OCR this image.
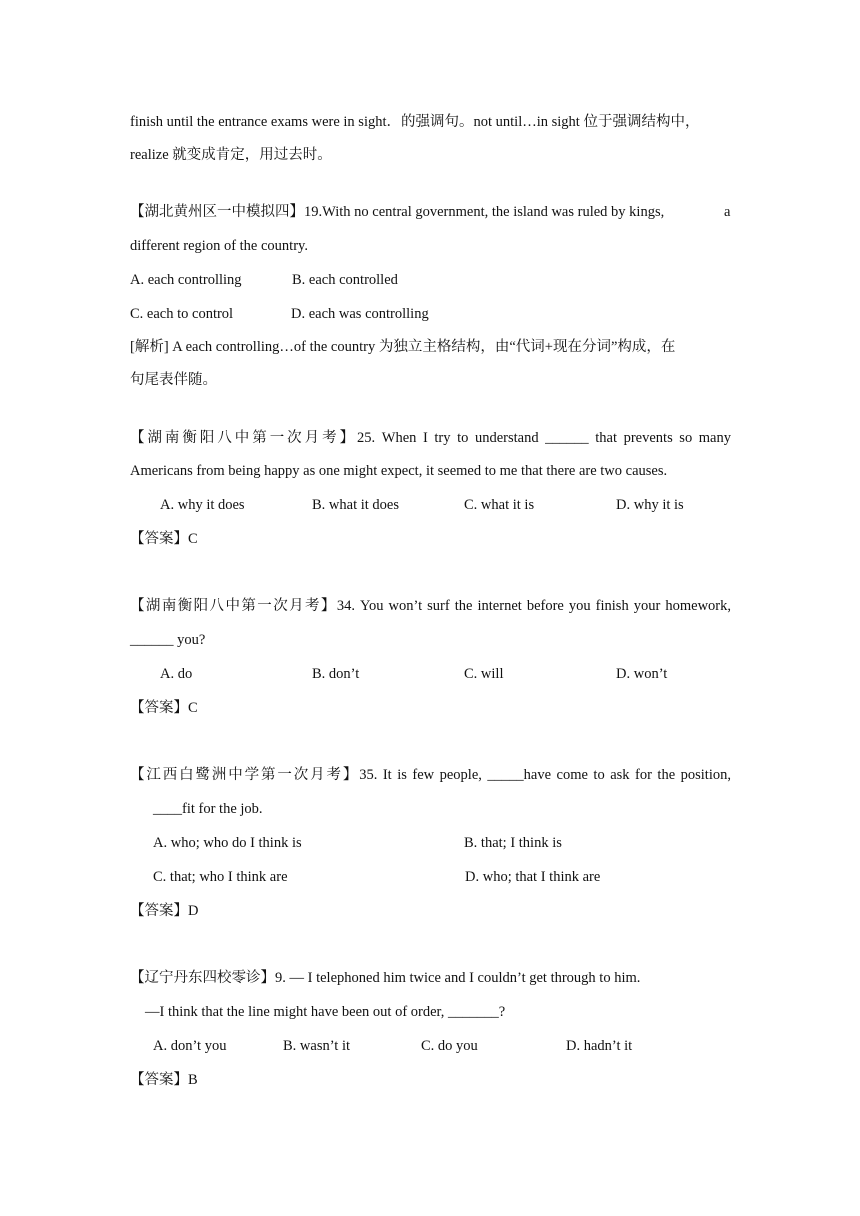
finish until the entrance exams were in sight．的强调句。not until…in sight 位于强调结构中，
realize 就变成肯定，用过去时。
【湖北黄州区一中模拟四】19.With no central government, the island was ruled by kings,	a
different region of the country.
A. each controlling	B. each controlled
C. each to control	D. each was controlling
[解析] A each controlling…of the country 为独立主格结构，由“代词+现在分词”构成，在
句尾表伴随。
【湖南衡阳八中第一次月考】25. When I try to understand ______ that prevents so many
Americans from being happy as one might expect, it seemed to me that there are two causes.
A. why it does	B. what it does	C. what it is	D. why it is
【答案】C
【湖南衡阳八中第一次月考】34. You won’t surf the internet before you finish your homework,
______ you?
A. do	B. don’t	C. will	D. won’t
【答案】C
【江西白鹭洲中学第一次月考】35. It is few people, _____have come to ask for the position,
____fit for the job.
A. who; who do I think is	B. that; I think is
C. that; who I think are	D. who; that I think are
【答案】D
【辽宁丹东四校零诊】9. — I telephoned him twice and I couldn’t get through to him.
—I think that the line might have been out of order, _______?
A. don’t you	B. wasn’t it	C. do you	D. hadn’t it
【答案】B
